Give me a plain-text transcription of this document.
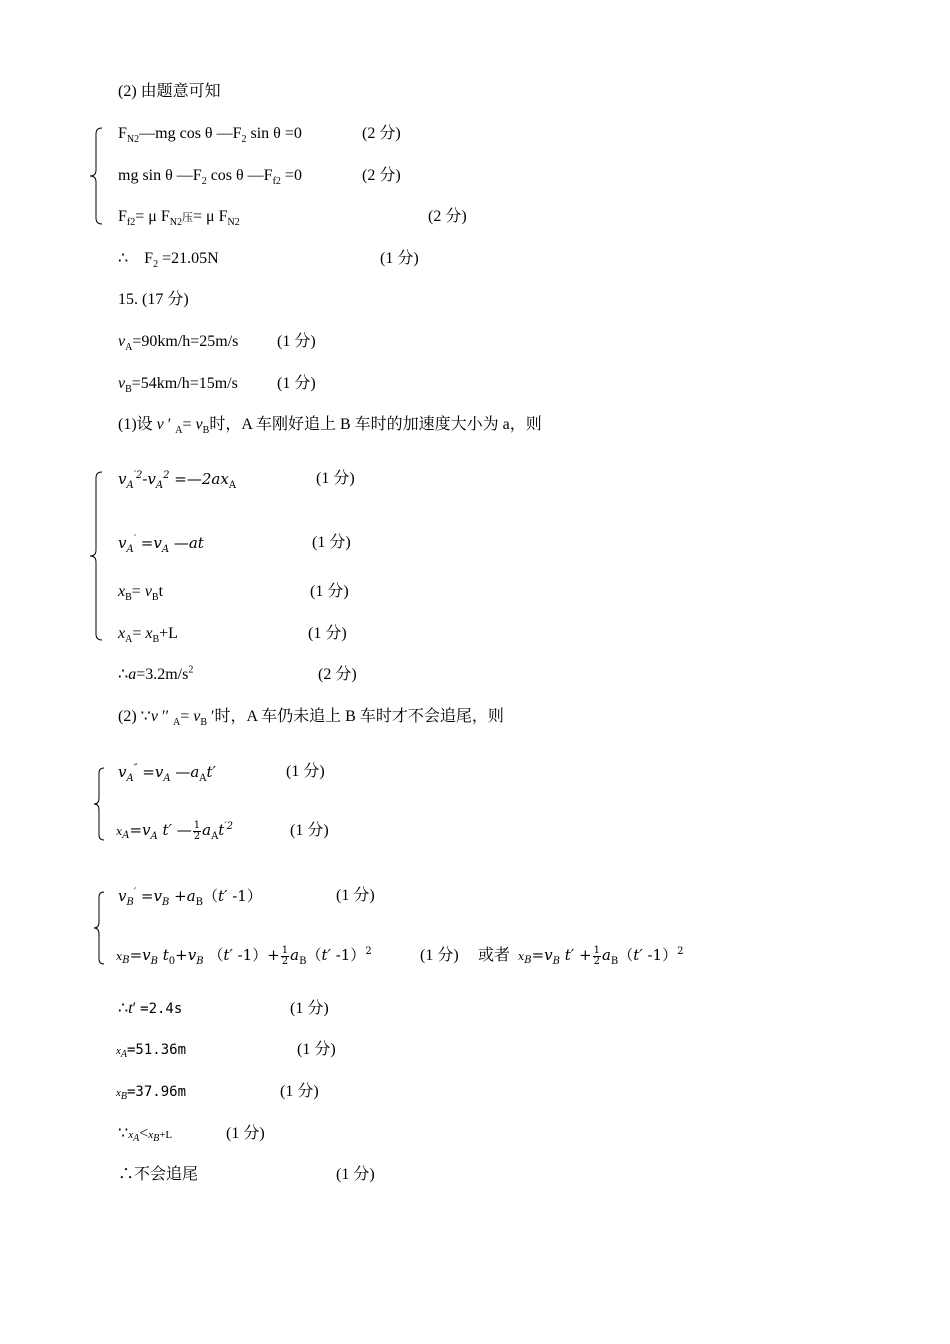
(2) 由题意可知
$F_{N2}—mg$ cos θ $—F_2$ sin θ =0	(2 分)
mg sin θ $—F_2$ cos θ $—F_{f2} =0$	(2 分)
$F_{f2}= \mu$ $F_{N2}$压= μ $F_{N2}$	(2 分)
∴    $F_2 =21.05N$	(1 分)
15. (17 分)
$v_A=90km/h=25m/s$ (1 分)
$v_B=54km/h=15m/s$ (1 分)
(1)设 v ′ $_A= v_B$时，A 车刚好追上 B 车时的加速度大小为 a，则
$v_A^{'2}-v_A^2$ $=—2ax_A$	(1 分)
$v_A' =v_A$ —at	(1 分)
$x_B= v_Bt$	(1 分)
$x_A= x_B+L$	(1 分)
$\therefore a=3.2m/s^2$	(2 分)
(2) ∵v ′′ $_A= v_B$ ′时，A 车仍未追上 B 车时才不会追尾，则
$v_A'' =v_A$ $—a_At'$	(1 分)
$x_A=v_A$ t′ — $\frac{1}{2} a_At^{'2}$	(1 分)
$v_B' =v_B +a_B(t'$ -1）	(1 分)
$x_B=v_B$ $t_0+v_B$ （t′ $-1)+ \frac{1}{2} a_B(t'$ -1）$^2$	(1 分) 或者 $x_B=v_B$ $t' + \frac{1}{2} a_B(t'$ -1）$^2$
∴t′ =2.4s	(1 分)
$x_A=51.36m$	(1 分)
$x_B=37.96m$	(1 分)
$\because x_A<x_B+L$	(1 分)
∴不会追尾	(1 分)
